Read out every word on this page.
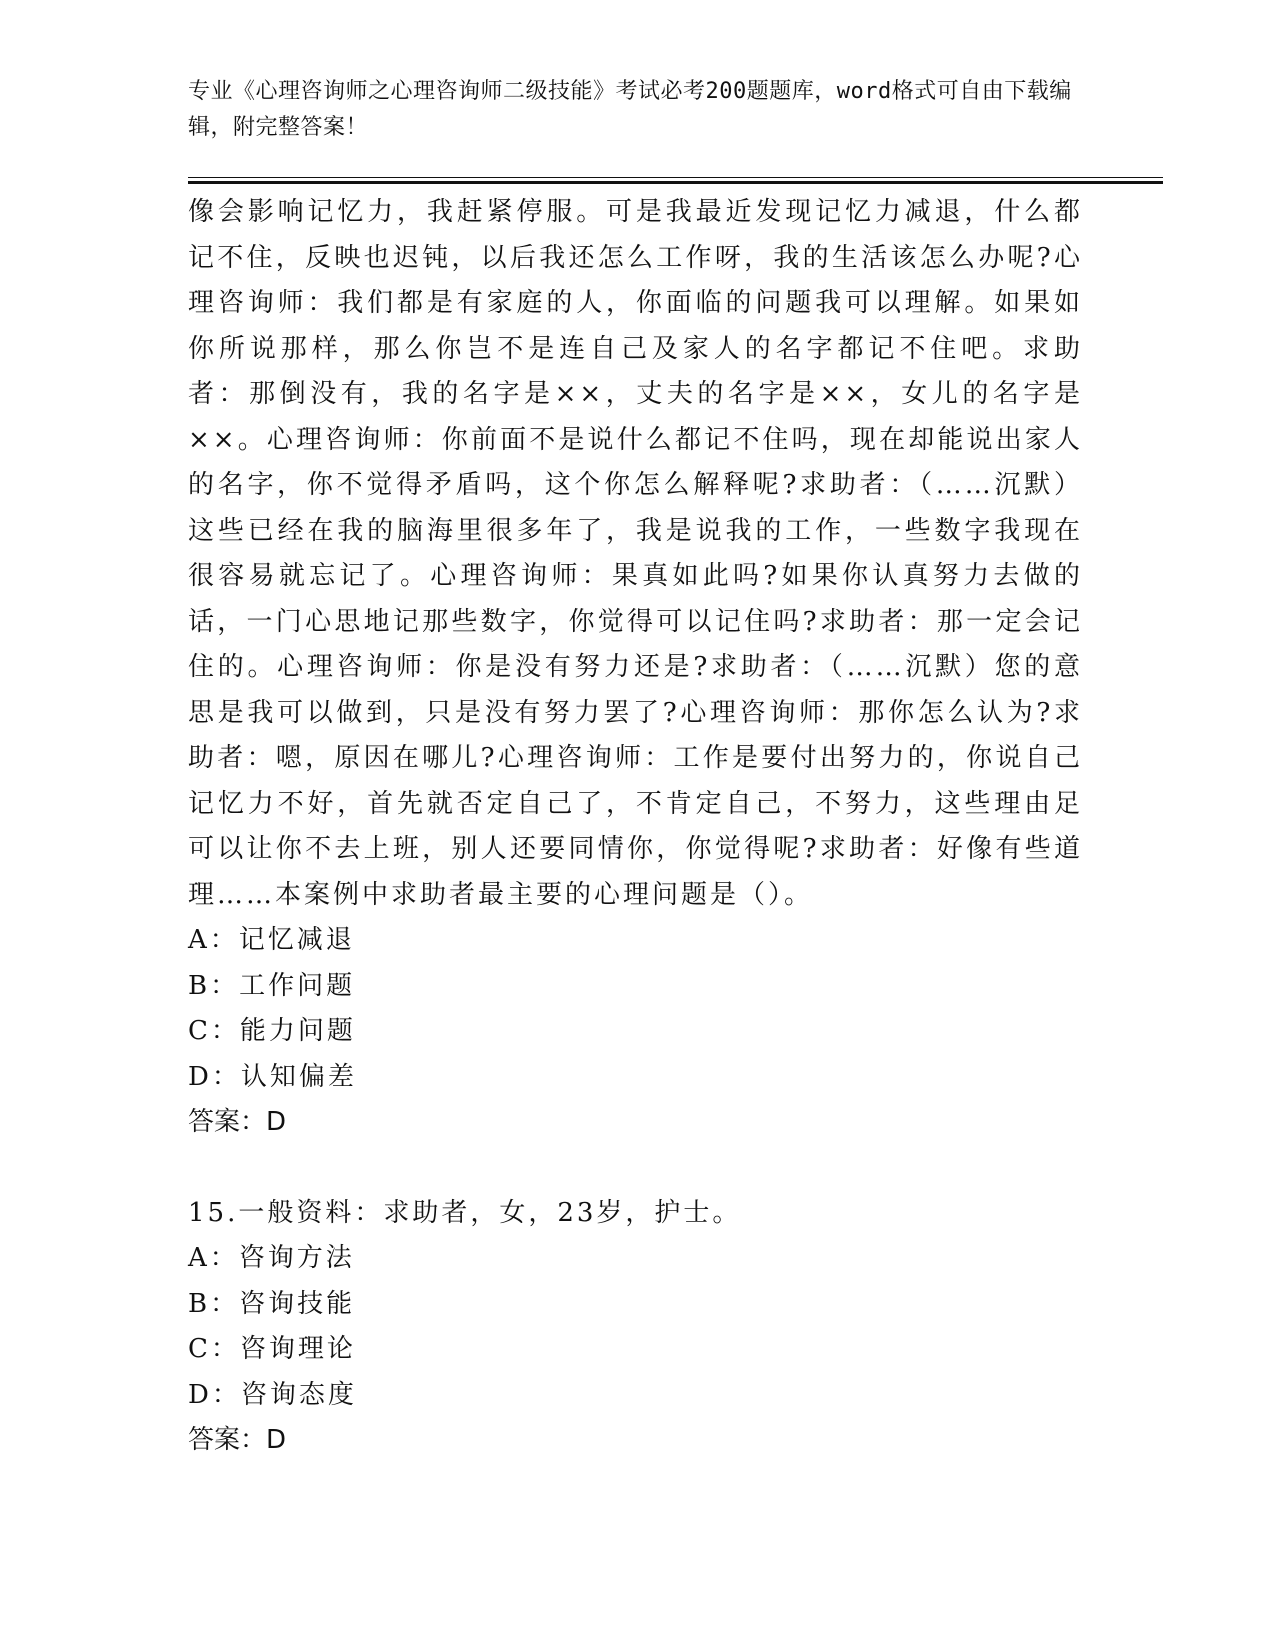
专业《心理咨询师之心理咨询师二级技能》考试必考200题题库，word格式可自由下载编辑，附完整答案！

像会影响记忆力，我赶紧停服。可是我最近发现记忆力减退，什么都记不住，反映也迟钝，以后我还怎么工作呀，我的生活该怎么办呢?心理咨询师：我们都是有家庭的人，你面临的问题我可以理解。如果如你所说那样，那么你岂不是连自己及家人的名字都记不住吧。求助者：那倒没有，我的名字是××，丈夫的名字是××，女儿的名字是××。心理咨询师：你前面不是说什么都记不住吗，现在却能说出家人的名字，你不觉得矛盾吗，这个你怎么解释呢?求助者：（……沉默）这些已经在我的脑海里很多年了，我是说我的工作，一些数字我现在很容易就忘记了。心理咨询师：果真如此吗?如果你认真努力去做的话，一门心思地记那些数字，你觉得可以记住吗?求助者：那一定会记住的。心理咨询师：你是没有努力还是?求助者：（……沉默）您的意思是我可以做到，只是没有努力罢了?心理咨询师：那你怎么认为?求助者：嗯，原因在哪儿?心理咨询师：工作是要付出努力的，你说自己记忆力不好，首先就否定自己了，不肯定自己，不努力，这些理由足可以让你不去上班，别人还要同情你，你觉得呢?求助者：好像有些道理……本案例中求助者最主要的心理问题是（）。

A：记忆减退

B：工作问题

C：能力问题

D：认知偏差

答案：D

15.一般资料：求助者，女，23岁，护士。

A：咨询方法

B：咨询技能

C：咨询理论

D：咨询态度

答案：D
